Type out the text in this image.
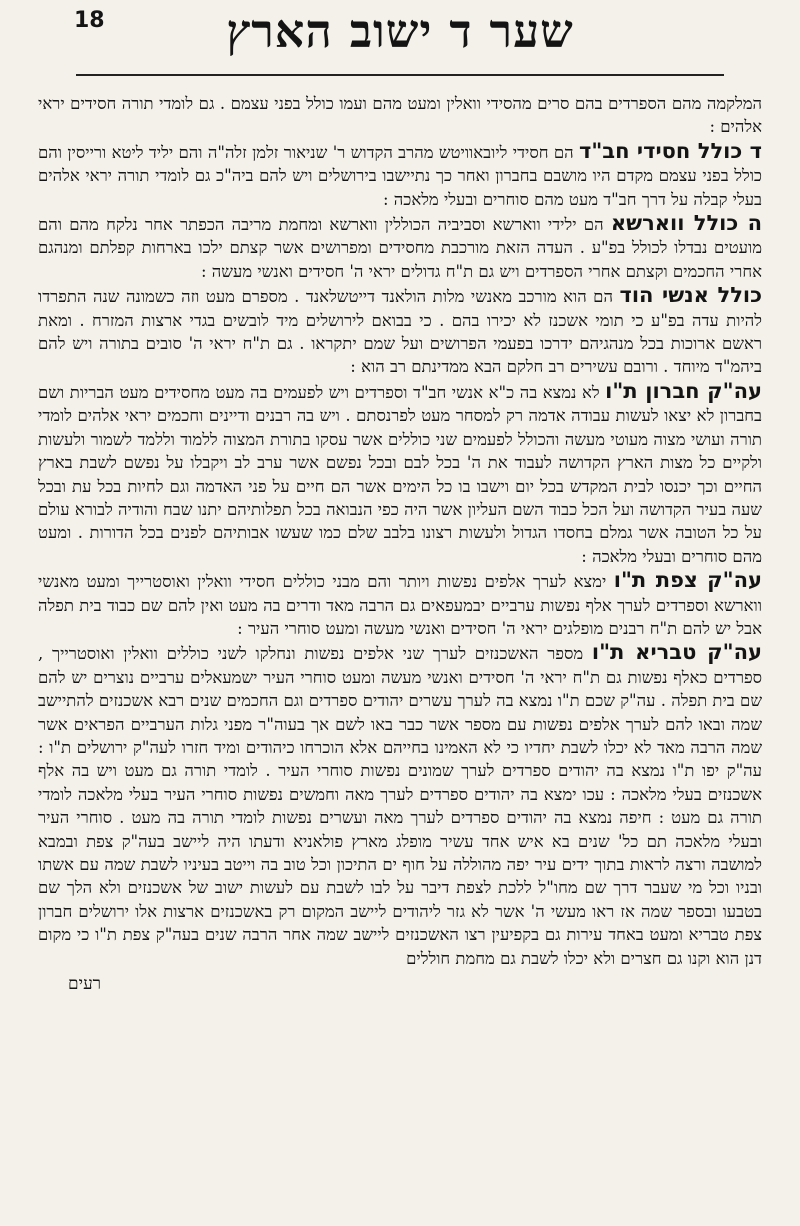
18	שער ד ישוב הארץ

המלקמה מהם הספרדים בהם סרים מהסידי וואלין ומעט מהם ועמו כולל בפני עצמם . גם לומדי תורה חסידים יראי אלהים :

ד כולל חסידי חב"ד הם חסידי ליובאוויטש מהרב הקדוש ר' שניאור זלמן זלה"ה והם יליד ליטא ורייסין והם כולל בפני עצמם מקדם היו מושבם בחברון ואחר כך נתיישבו בירושלים ויש להם ביה"כ גם לומדי תורה יראי אלהים בעלי קבלה על דרך חב"ד מעט מהם סוחרים ובעלי מלאכה :

ה כולל ווארשא הם ילידי ווארשא וסביביה הכוללין ווארשא ומחמת מריבה הכפתר אחר נלקח מהם והם מועטים נבדלו לכולל בפ"ע . העדה הזאת מורכבת מחסידים ומפרושים אשר קצתם ילכו בארחות קפלתם ומנהגם אחרי החכמים וקצתם אחרי הספרדים ויש גם ת"ח גדולים יראי ה' חסידים ואנשי מעשה :

כולל אנשי הוד הם הוא מורכב מאנשי מלות הולאנד דייטשלאנד . מספרם מעט וזה כשמונה שנה התפרדו להיות עדה בפ"ע כי תומי אשכנז לא יכירו בהם . כי בבואם לירושלים מיד לובשים בגדי ארצות המזרח . ומאת ראשם ארוכות בכל מנהגיהם ידרכו בפעמי הפרושים ועל שמם יתקראו . גם ת"ח יראי ה' סובים בתורה ויש להם ביהמ"ד מיוחד . ורובם עשירים רב חלקם הבא ממדינתם רב הוא :

עה"ק חברון ת"ו לא נמצא בה כ"א אנשי חב"ד וספרדים ויש לפעמים בה מעט מחסידים מעט הבריות ושם בחברון לא יצאו לעשות עבודה אדמה רק למסחר מעט לפרנסתם . ויש בה רבנים ודיינים וחכמים יראי אלהים לומדי תורה ועושי מצוה מעוטי מעשה והכולל לפעמים שני כוללים אשר עסקו בתורת המצוה ללמוד וללמד לשמור ולעשות ולקיים כל מצות הארץ הקדושה לעבוד את ה' בכל לבם ובכל נפשם אשר ערב לב ויקבלו על נפשם לשבת בארץ החיים וכך יכנסו לבית המקדש בכל יום וישבו בו כל הימים אשר הם חיים על פני האדמה וגם לחיות בכל עת ובכל שעה בעיר הקדושה ועל הכל כבוד השם העליון אשר היה כפי הנבואה בכל תפלותיהם יתנו שבח והודיה לבורא עולם על כל הטובה אשר גמלם בחסדו הגדול ולעשות רצונו בלבב שלם כמו שעשו אבותיהם לפנים בכל הדורות . ומעט מהם סוחרים ובעלי מלאכה :

עה"ק צפת ת"ו ימצא לערך אלפים נפשות ויותר והם מבני כוללים חסידי וואלין ואוסטרייך ומעט מאנשי ווארשא וספרדים לערך אלף נפשות ערביים יבמעפאים גם הרבה מאד ודרים בה מעט ואין להם שם כבוד בית תפלה אבל יש להם ת"ח רבנים מופלגים יראי ה' חסידים ואנשי מעשה ומעט סוחרי העיר :

עה"ק טבריא ת"ו מספר האשכנזים לערך שני אלפים נפשות ונחלקו לשני כוללים וואלין ואוסטרייך , ספרדים כאלף נפשות גם ת"ח יראי ה' חסידים ואנשי מעשה ומעט סוחרי העיר ישמעאלים ערביים נוצרים יש להם שם בית תפלה . עה"ק שכם ת"ו נמצא בה לערך עשרים יהודים ספרדים וגם החכמים שנים רבא אשכנזים להתיישב שמה ובאו להם לערך אלפים נפשות עם מספר אשר כבר באו לשם אך בעוה"ר מפני גלות הערביים הפראים אשר שמה הרבה מאד לא יכלו לשבת יחדיו כי לא האמינו בחייהם אלא הוכרחו כיהודים ומיד חזרו לעה"ק ירושלים ת"ו : עה"ק יפו ת"ו נמצא בה יהודים ספרדים לערך שמונים נפשות סוחרי העיר . לומדי תורה גם מעט ויש בה אלף אשכנזים בעלי מלאכה : עכו ימצא בה יהודים ספרדים לערך מאה וחמשים נפשות סוחרי העיר בעלי מלאכה לומדי תורה גם מעט : חיפה נמצא בה יהודים ספרדים לערך מאה ועשרים נפשות לומדי תורה בה מעט . סוחרי העיר ובעלי מלאכה תם כל' שנים בא איש אחד עשיר מופלג מארץ פולאניא ודעתו היה ליישב בעה"ק צפת ובמבא למושבה ורצה לראות בתוך ידים עיר יפה מהוללה על חוף ים התיכון וכל טוב בה וייטב בעיניו לשבת שמה עם אשתו ובניו וכל מי שעבר דרך שם מחו"ל ללכת לצפת דיבר על לבו לשבת עם לעשות ישוב של אשכנזים ולא הלך שם בטבעו ובספר שמה אז ראו מעשי ה' אשר לא גזר ליהודים ליישב המקום רק באשכנזים ארצות אלו ירושלים חברון צפת טבריא ומעט באחד עירות גם בקפיעין רצו האשכנזים ליישב שמה אחר הרבה שנים בעה"ק צפת ת"ו כי מקום דנן הוא וקנו גם חצרים ולא יכלו לשבת גם מחמת חוללים

רעים
